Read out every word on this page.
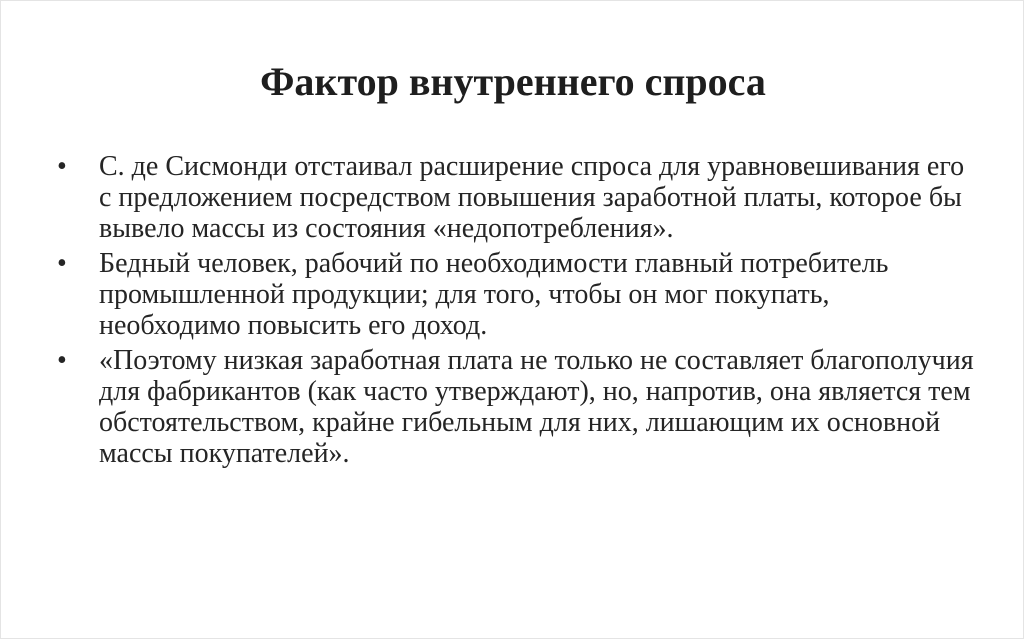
Фактор внутреннего спроса
• С. де Сисмонди отстаивал расширение спроса для уравновешивания его с предложением посредством повышения заработной платы, которое бы вывело массы из состояния «недопотребления».
• Бедный человек, рабочий по необходимости главный потребитель промышленной продукции; для того, чтобы он мог покупать, необходимо повысить его доход.
• «Поэтому низкая заработная плата не только не составляет благополучия для фабрикантов (как часто утверждают), но, напротив, она является тем обстоятельством, крайне гибельным для них, лишающим их основной массы покупателей».
